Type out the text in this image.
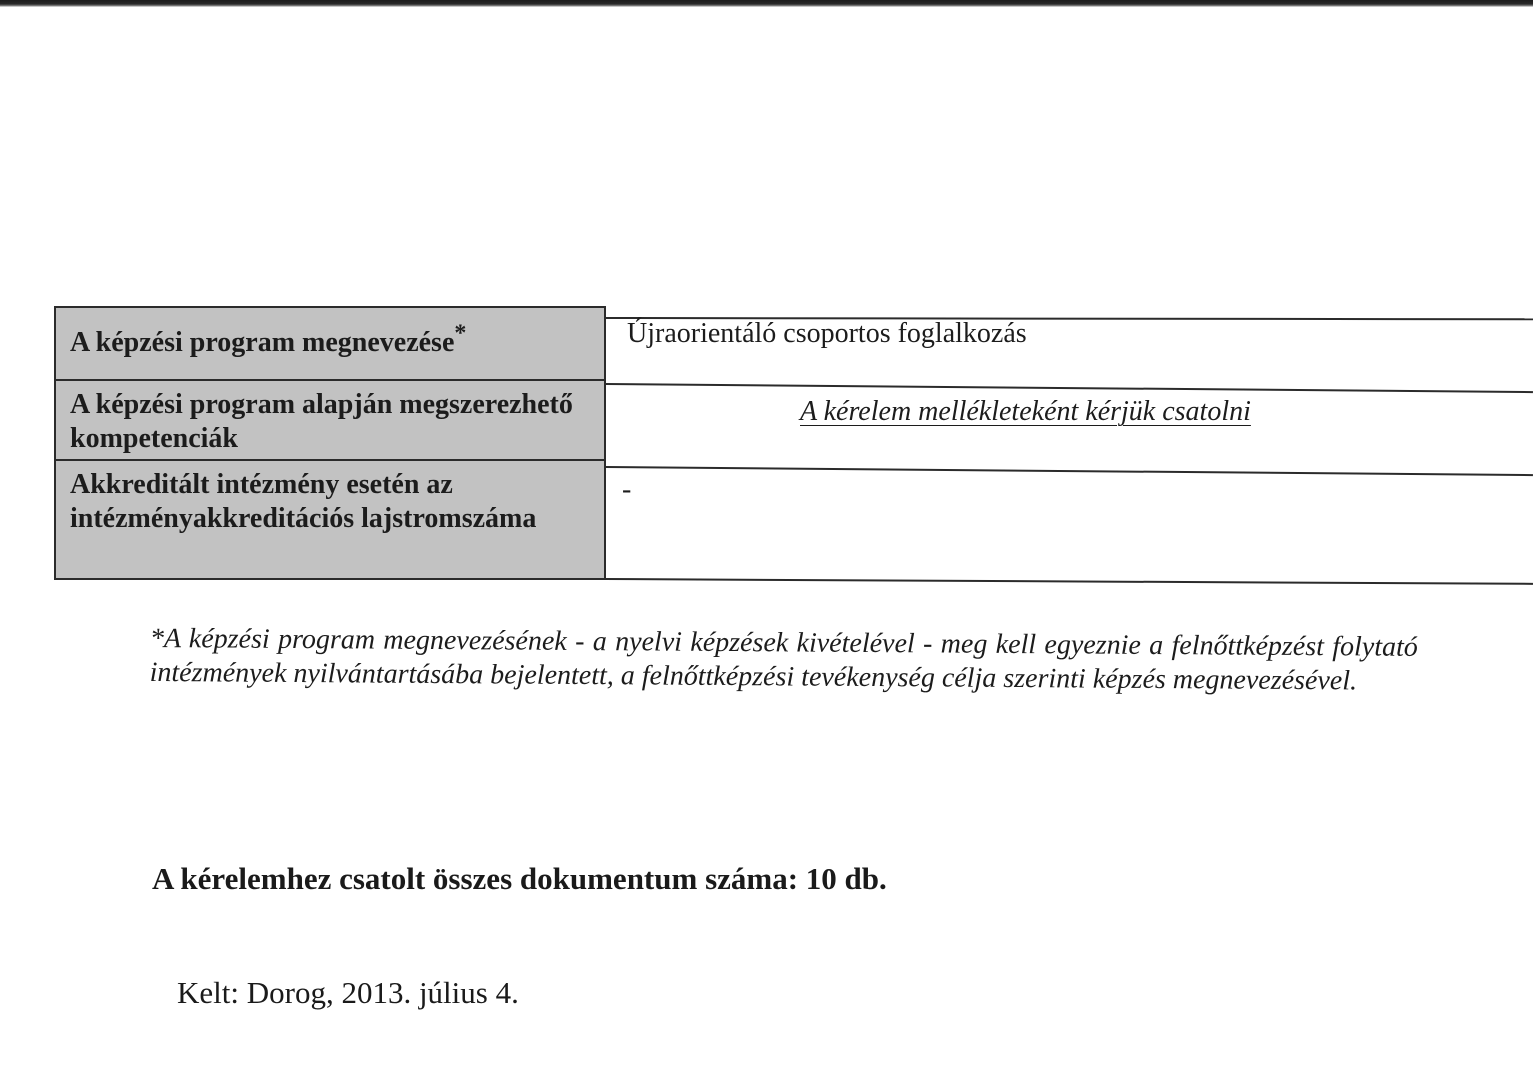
A képzési program megnevezése*
A képzési program alapján megszerezhető kompetenciák
Akkreditált intézmény esetén az intézményakkreditációs lajstromszáma
Újraorientáló csoportos foglalkozás
A kérelem mellékleteként kérjük csatolni
-
*A képzési program megnevezésének - a nyelvi képzések kivételével - meg kell egyeznie a felnőttképzést folytató intézmények nyilvántartásába bejelentett, a felnőttképzési tevékenység célja szerinti képzés megnevezésével.
A kérelemhez csatolt összes dokumentum száma: 10 db.
Kelt: Dorog, 2013. július 4.
